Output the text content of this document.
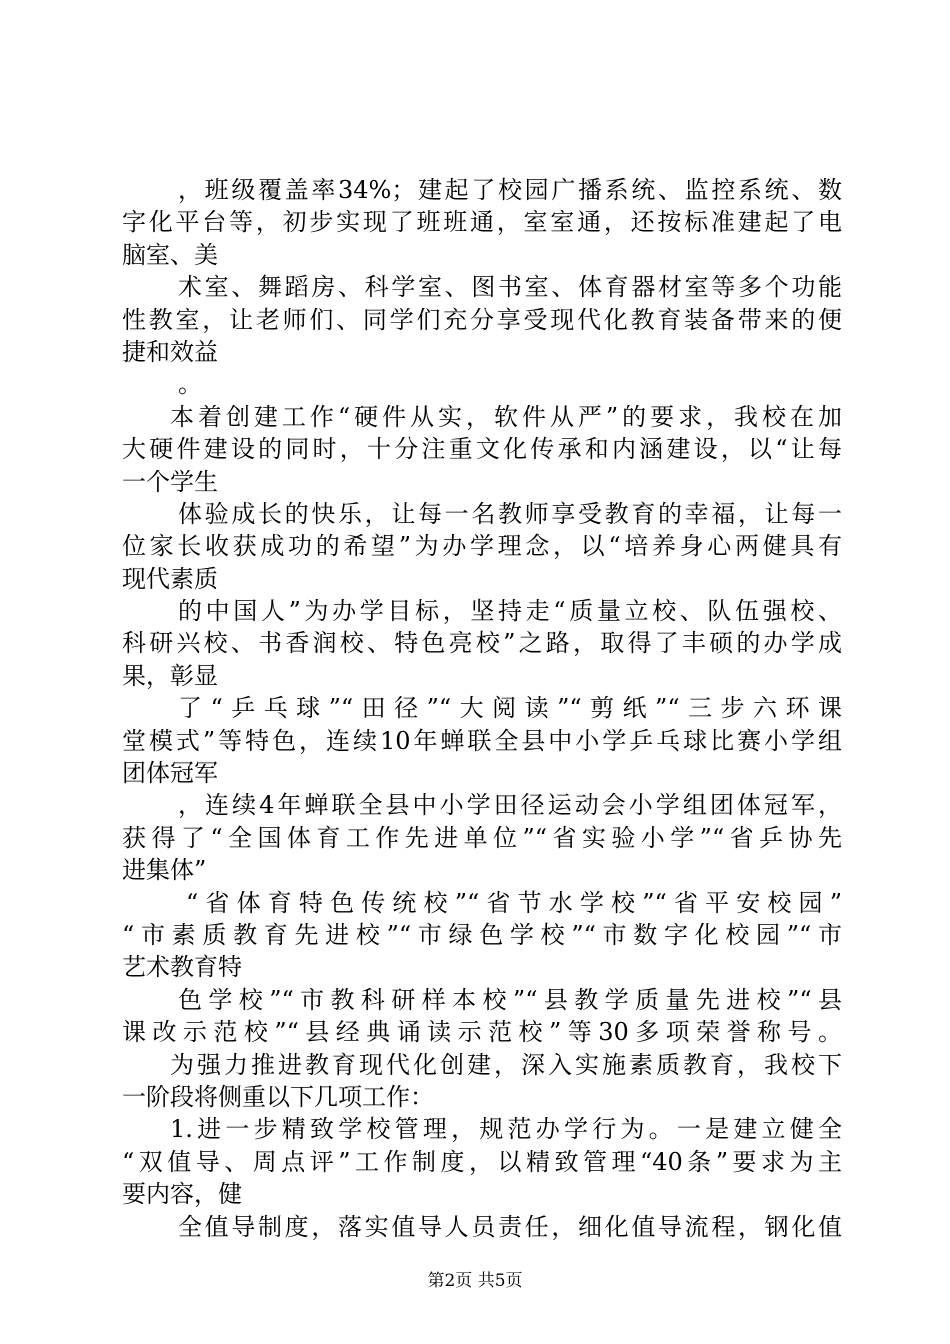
，班级覆盖率34%；建起了校园广播系统、监控系统、数
字化平台等，初步实现了班班通，室室通，还按标准建起了电
脑室、美
术室、舞蹈房、科学室、图书室、体育器材室等多个功能
性教室，让老师们、同学们充分享受现代化教育装备带来的便
捷和效益
。
本着创建工作“硬件从实，软件从严”的要求，我校在加
大硬件建设的同时，十分注重文化传承和内涵建设，以“让每
一个学生
体验成长的快乐，让每一名教师享受教育的幸福，让每一
位家长收获成功的希望”为办学理念，以“培养身心两健具有
现代素质
的中国人”为办学目标，坚持走“质量立校、队伍强校、
科研兴校、书香润校、特色亮校”之路，取得了丰硕的办学成
果，彰显
了“乒乓球”“田径”“大阅读”“剪纸”“三步六环课
堂模式”等特色，连续10年蝉联全县中小学乒乓球比赛小学组
团体冠军
，连续4年蝉联全县中小学田径运动会小学组团体冠军，
获得了“全国体育工作先进单位”“省实验小学”“省乒协先
进集体”
“省体育特色传统校”“省节水学校”“省平安校园”
“市素质教育先进校”“市绿色学校”“市数字化校园”“市
艺术教育特
色学校”“市教科研样本校”“县教学质量先进校”“县
课改示范校”“县经典诵读示范校”等30多项荣誉称号。
为强力推进教育现代化创建，深入实施素质教育，我校下
一阶段将侧重以下几项工作：
1.进一步精致学校管理，规范办学行为。一是建立健全
“双值导、周点评”工作制度，以精致管理“40条”要求为主
要内容，健
全值导制度，落实值导人员责任，细化值导流程，钢化值
第2页 共5页
